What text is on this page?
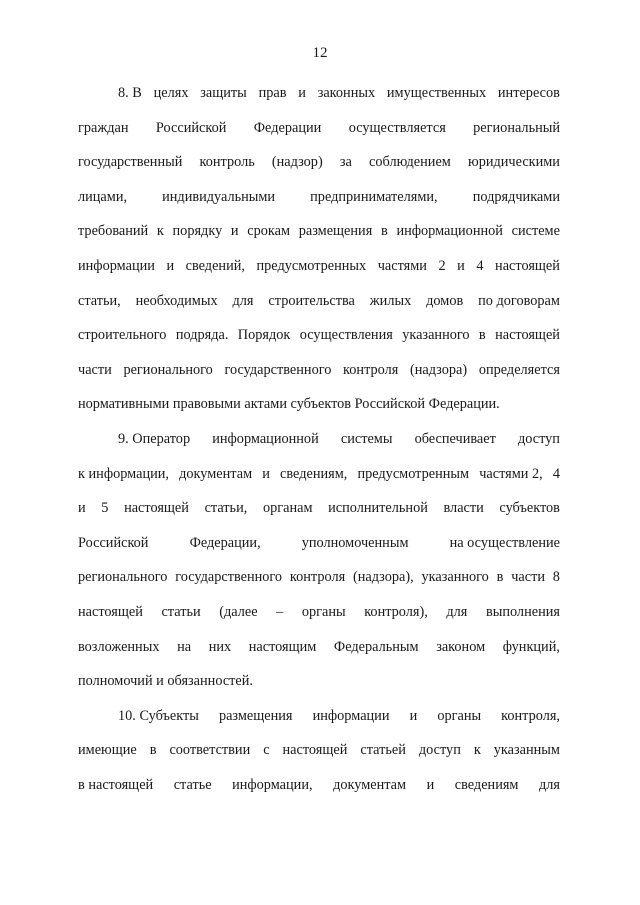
12
8. В целях защиты прав и законных имущественных интересов
граждан Российской Федерации осуществляется региональный
государственный контроль (надзор) за соблюдением юридическими
лицами, индивидуальными предпринимателями, подрядчиками
требований к порядку и срокам размещения в информационной системе
информации и сведений, предусмотренных частями 2 и 4 настоящей
статьи, необходимых для строительства жилых домов по договорам
строительного подряда. Порядок осуществления указанного в настоящей
части регионального государственного контроля (надзора) определяется
нормативными правовыми актами субъектов Российской Федерации.
9. Оператор информационной системы обеспечивает доступ
к информации, документам и сведениям, предусмотренным частями 2, 4
и 5 настоящей статьи, органам исполнительной власти субъектов
Российской	Федерации,	уполномоченным	на осуществление
регионального государственного контроля (надзора), указанного в части 8
настоящей статьи (далее – органы контроля), для выполнения
возложенных на них настоящим Федеральным законом функций,
полномочий и обязанностей.
10. Субъекты размещения информации и органы контроля,
имеющие в соответствии с настоящей статьей доступ к указанным
в настоящей статье информации, документам и сведениям для
